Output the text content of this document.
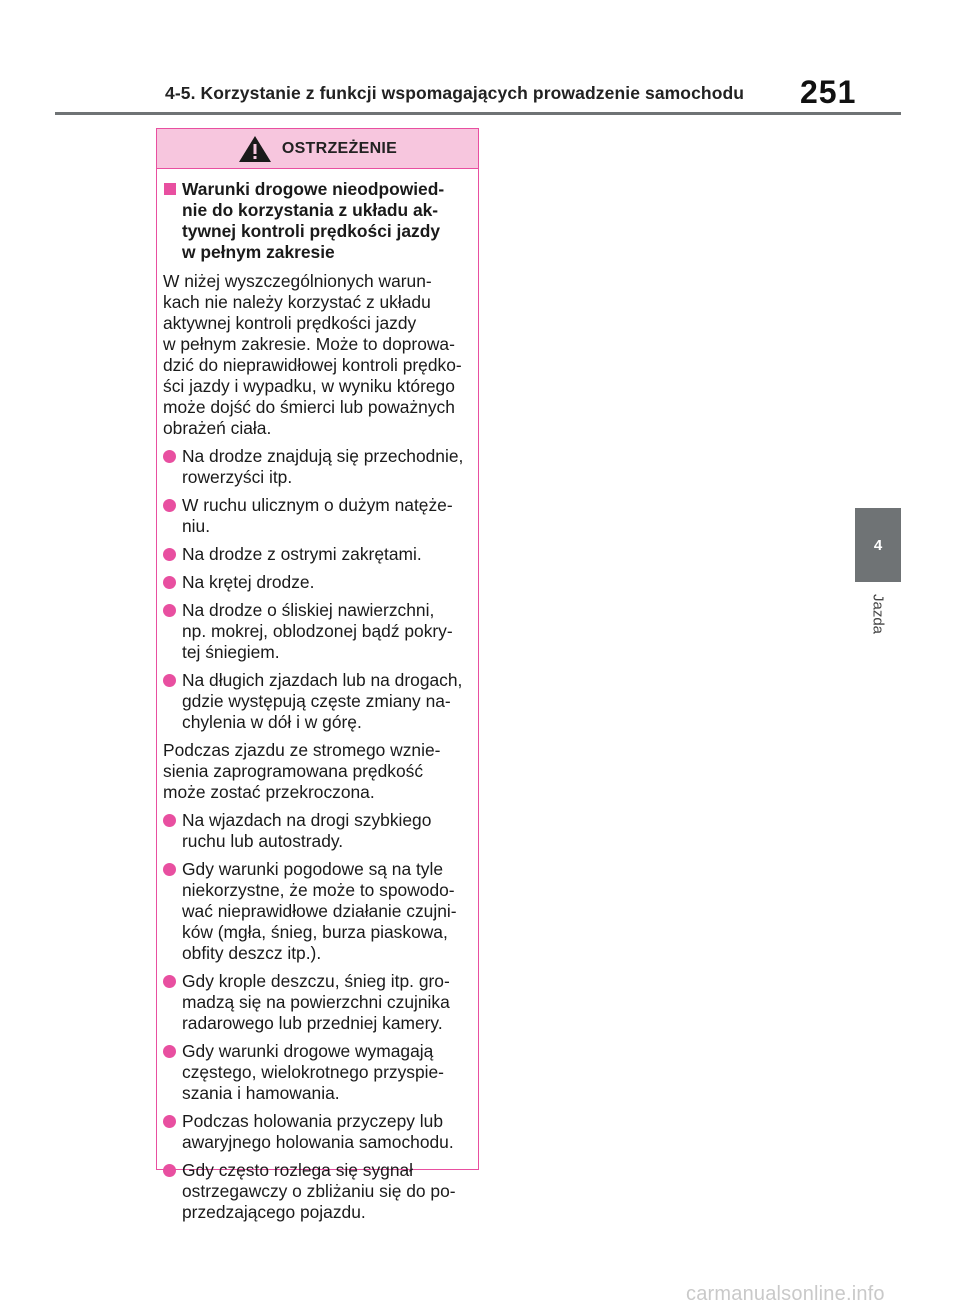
4-5. Korzystanie z funkcji wspomagających prowadzenie samochodu 251
4
Jazda
OSTRZEŻENIE
Warunki drogowe nieodpowied-
nie do korzystania z układu ak-
tywnej kontroli prędkości jazdy
w pełnym zakresie
W niżej wyszczególnionych warun-
kach nie należy korzystać z układu
aktywnej kontroli prędkości jazdy
w pełnym zakresie. Może to doprowa-
dzić do nieprawidłowej kontroli prędko-
ści jazdy i wypadku, w wyniku którego
może dojść do śmierci lub poważnych
obrażeń ciała.
Na drodze znajdują się przechodnie,
rowerzyści itp.
W ruchu ulicznym o dużym natęże-
niu.
Na drodze z ostrymi zakrętami.
Na krętej drodze.
Na drodze o śliskiej nawierzchni,
np. mokrej, oblodzonej bądź pokry-
tej śniegiem.
Na długich zjazdach lub na drogach,
gdzie występują częste zmiany na-
chylenia w dół i w górę.
Podczas zjazdu ze stromego wznie-
sienia zaprogramowana prędkość
może zostać przekroczona.
Na wjazdach na drogi szybkiego
ruchu lub autostrady.
Gdy warunki pogodowe są na tyle
niekorzystne, że może to spowodo-
wać nieprawidłowe działanie czujni-
ków (mgła, śnieg, burza piaskowa,
obfity deszcz itp.).
Gdy krople deszczu, śnieg itp. gro-
madzą się na powierzchni czujnika
radarowego lub przedniej kamery.
Gdy warunki drogowe wymagają
częstego, wielokrotnego przyspie-
szania i hamowania.
Podczas holowania przyczepy lub
awaryjnego holowania samochodu.
Gdy często rozlega się sygnał
ostrzegawczy o zbliżaniu się do po-
przedzającego pojazdu.
carmanualsonline.info
